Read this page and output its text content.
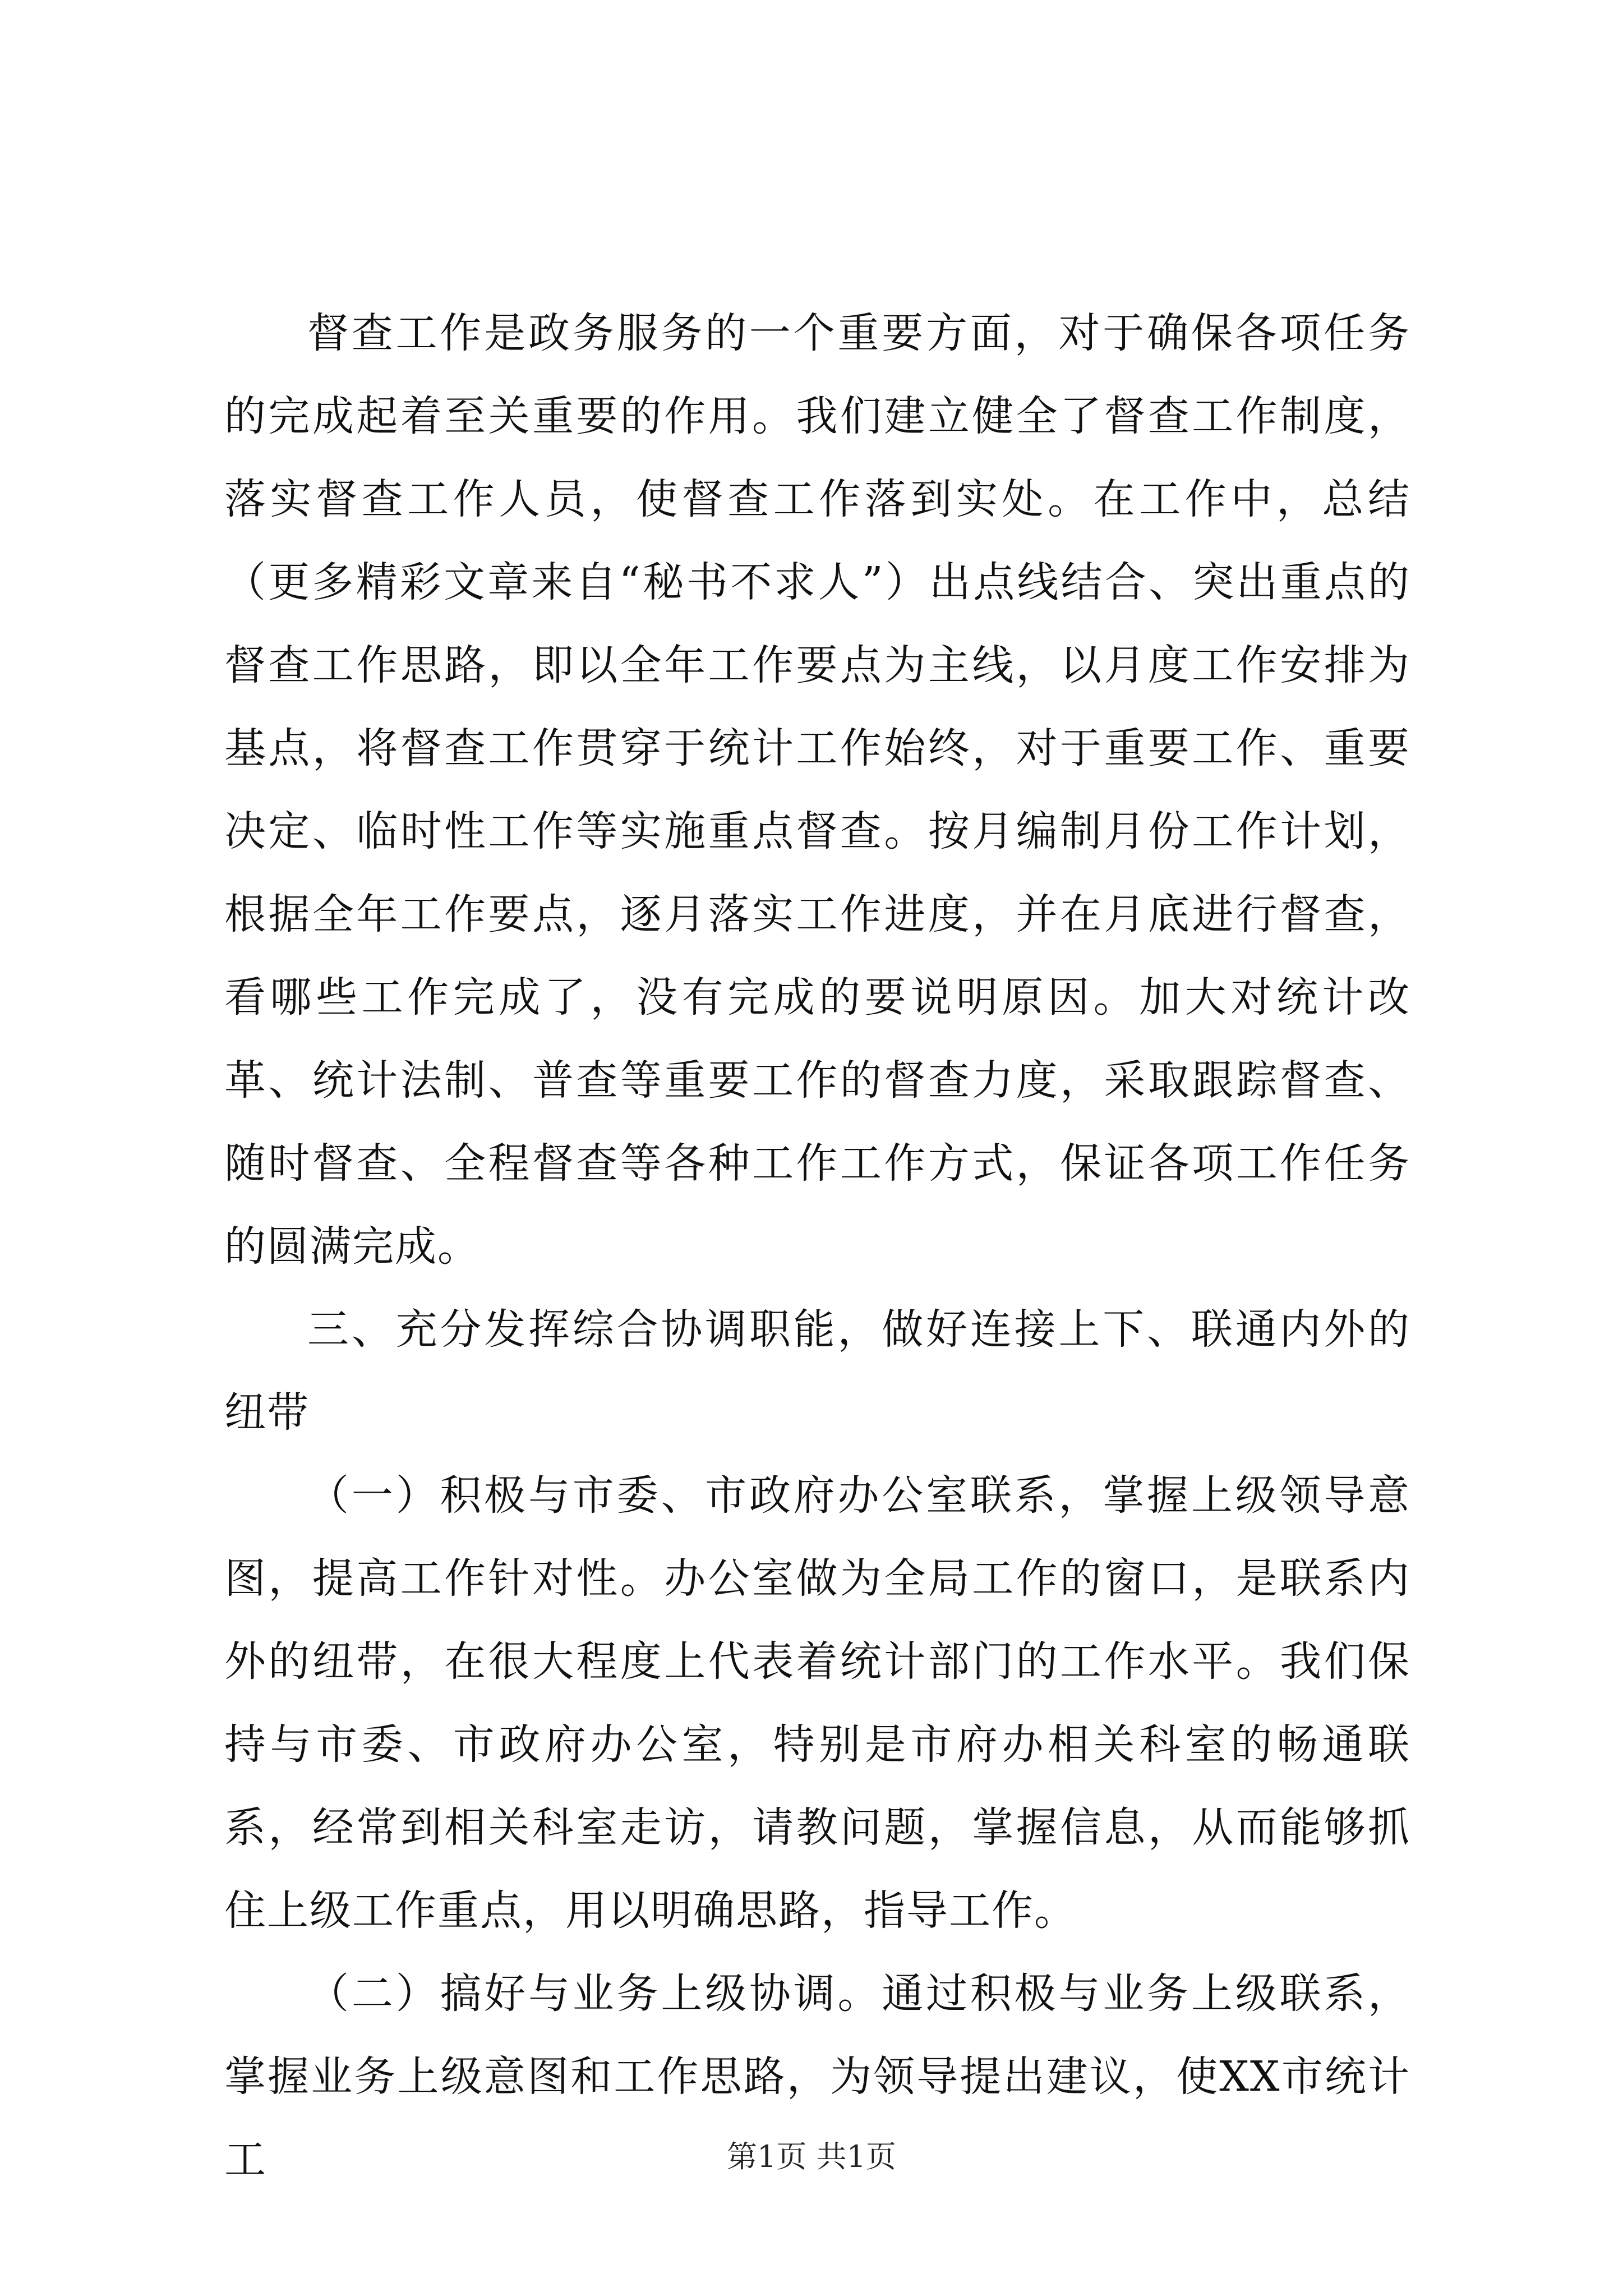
督查工作是政务服务的一个重要方面，对于确保各项任务的完成起着至关重要的作用。我们建立健全了督查工作制度，落实督查工作人员，使督查工作落到实处。在工作中，总结（更多精彩文章来自“秘书不求人”）出点线结合、突出重点的督查工作思路，即以全年工作要点为主线，以月度工作安排为基点，将督查工作贯穿于统计工作始终，对于重要工作、重要决定、临时性工作等实施重点督查。按月编制月份工作计划，根据全年工作要点，逐月落实工作进度，并在月底进行督查，看哪些工作完成了，没有完成的要说明原因。加大对统计改革、统计法制、普查等重要工作的督查力度，采取跟踪督查、随时督查、全程督查等各种工作工作方式，保证各项工作任务的圆满完成。

三、充分发挥综合协调职能，做好连接上下、联通内外的纽带

（一）积极与市委、市政府办公室联系，掌握上级领导意图，提高工作针对性。办公室做为全局工作的窗口，是联系内外的纽带，在很大程度上代表着统计部门的工作水平。我们保持与市委、市政府办公室，特别是市府办相关科室的畅通联系，经常到相关科室走访，请教问题，掌握信息，从而能够抓住上级工作重点，用以明确思路，指导工作。

（二）搞好与业务上级协调。通过积极与业务上级联系，掌握业务上级意图和工作思路，为领导提出建议，使XX市统计工	第1页 共1页
